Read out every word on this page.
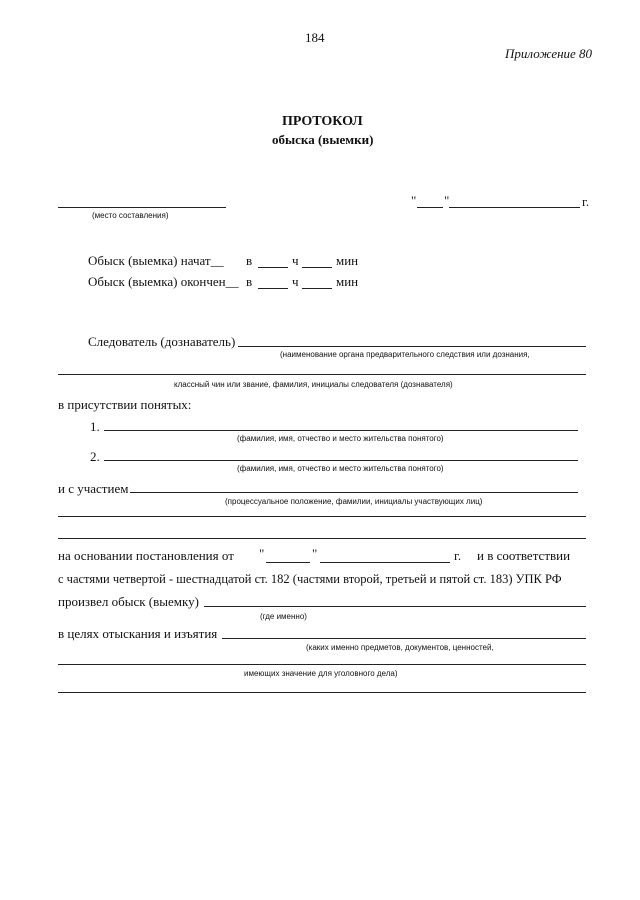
184
Приложение 80
ПРОТОКОЛ
обыска (выемки)
(место составления)
" "	г.
Обыск (выемка) начат__ в	ч	мин
Обыск (выемка) окончен__ в	ч	мин
Следователь (дознаватель)
(наименование органа предварительного следствия или дознания,
классный чин или звание, фамилия, инициалы следователя (дознавателя)
в присутствии понятых:
1.
(фамилия, имя, отчество и место жительства понятого)
2.
(фамилия, имя, отчество и место жительства понятого)
и с участием
(процессуальное положение, фамилии, инициалы участвующих лиц)
на основании постановления от "	"	г. и в соответствии
с частями четвертой - шестнадцатой ст. 182 (частями второй, третьей и пятой ст. 183) УПК РФ
произвел обыск (выемку)
(где именно)
в целях отыскания и изъятия
(каких именно предметов, документов, ценностей,
имеющих значение для уголовного дела)
